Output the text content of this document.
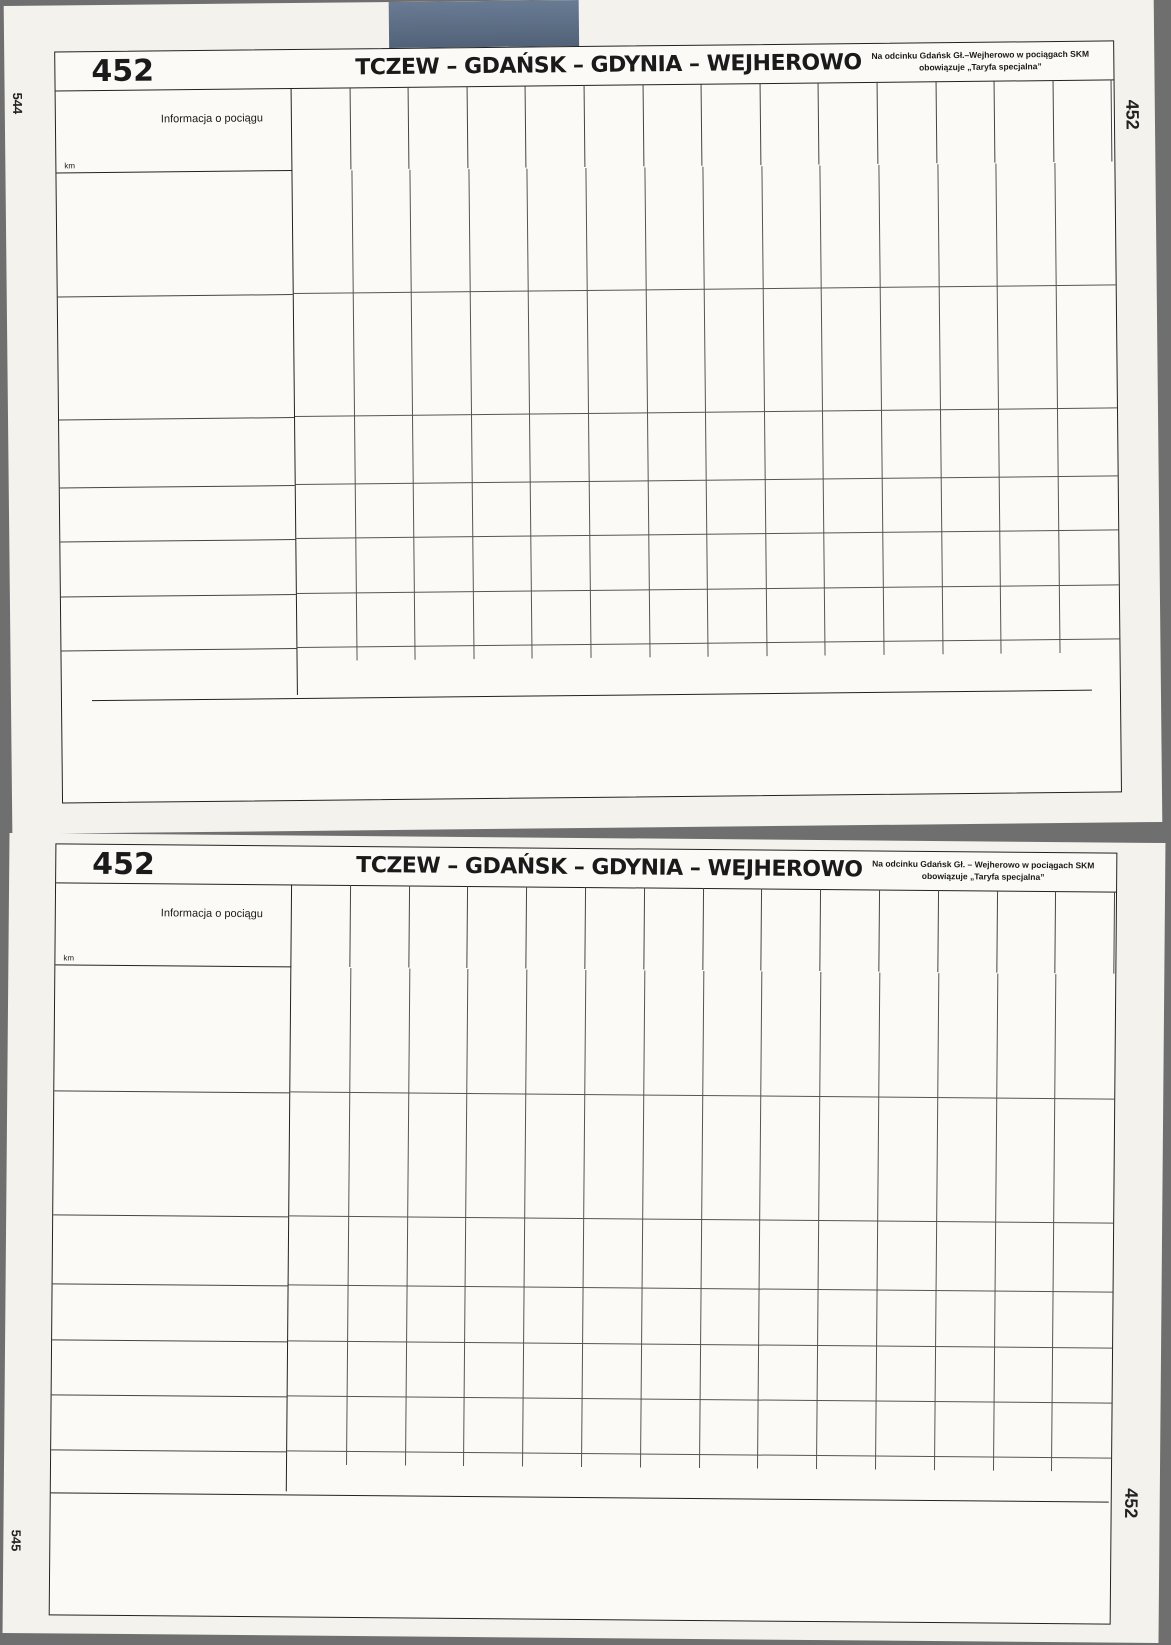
544	452
452	TCZEW – GDAŃSK – GDYNIA – WEJHEROWO	Na odcinku Gdańsk Gł.–Wejherowo w pociągach SKM obowiązuje „Taryfa specjalna”
Informacja o pociągu
km
545
452
452	TCZEW – GDAŃSK – GDYNIA – WEJHEROWO	Na odcinku Gdańsk Gł. – Wejherowo w pociągach SKM obowiązuje „Taryfa specjalna”
Informacja o pociągu
km
